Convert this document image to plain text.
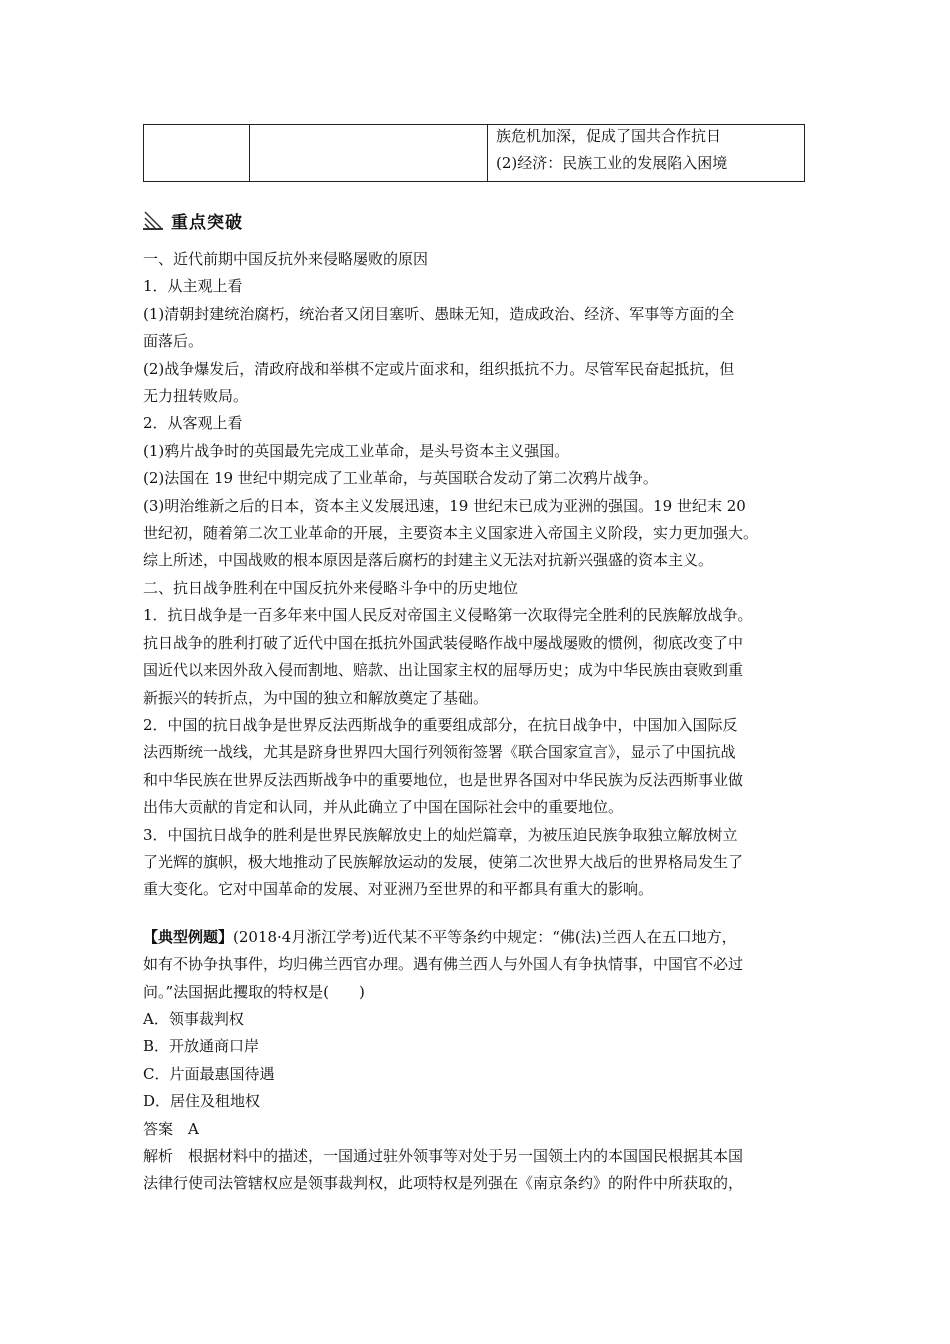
族危机加深，促成了国共合作抗日
(2)经济：民族工业的发展陷入困境
重点突破

一、近代前期中国反抗外来侵略屡败的原因

1．从主观上看

(1)清朝封建统治腐朽，统治者又闭目塞听、愚昧无知，造成政治、经济、军事等方面的全

面落后。

(2)战争爆发后，清政府战和举棋不定或片面求和，组织抵抗不力。尽管军民奋起抵抗，但

无力扭转败局。

2．从客观上看

(1)鸦片战争时的英国最先完成工业革命，是头号资本主义强国。

(2)法国在 19 世纪中期完成了工业革命，与英国联合发动了第二次鸦片战争。

(3)明治维新之后的日本，资本主义发展迅速，19 世纪末已成为亚洲的强国。19 世纪末 20

世纪初，随着第二次工业革命的开展，主要资本主义国家进入帝国主义阶段，实力更加强大。

综上所述，中国战败的根本原因是落后腐朽的封建主义无法对抗新兴强盛的资本主义。

二、抗日战争胜利在中国反抗外来侵略斗争中的历史地位

1．抗日战争是一百多年来中国人民反对帝国主义侵略第一次取得完全胜利的民族解放战争。

抗日战争的胜利打破了近代中国在抵抗外国武装侵略作战中屡战屡败的惯例，彻底改变了中

国近代以来因外敌入侵而割地、赔款、出让国家主权的屈辱历史；成为中华民族由衰败到重

新振兴的转折点，为中国的独立和解放奠定了基础。

2．中国的抗日战争是世界反法西斯战争的重要组成部分，在抗日战争中，中国加入国际反

法西斯统一战线，尤其是跻身世界四大国行列领衔签署《联合国家宣言》，显示了中国抗战

和中华民族在世界反法西斯战争中的重要地位，也是世界各国对中华民族为反法西斯事业做

出伟大贡献的肯定和认同，并从此确立了中国在国际社会中的重要地位。

3．中国抗日战争的胜利是世界民族解放史上的灿烂篇章，为被压迫民族争取独立解放树立

了光辉的旗帜，极大地推动了民族解放运动的发展，使第二次世界大战后的世界格局发生了

重大变化。它对中国革命的发展、对亚洲乃至世界的和平都具有重大的影响。

【典型例题】(2018·4月浙江学考)近代某不平等条约中规定：“佛(法)兰西人在五口地方，

如有不协争执事件，均归佛兰西官办理。遇有佛兰西人与外国人有争执情事，中国官不必过

问。”法国据此攫取的特权是(　　)

A．领事裁判权

B．开放通商口岸

C．片面最惠国待遇

D．居住及租地权

答案　 A

解析　 根据材料中的描述，一国通过驻外领事等对处于另一国领土内的本国国民根据其本国

法律行使司法管辖权应是领事裁判权，此项特权是列强在《南京条约》的附件中所获取的，
